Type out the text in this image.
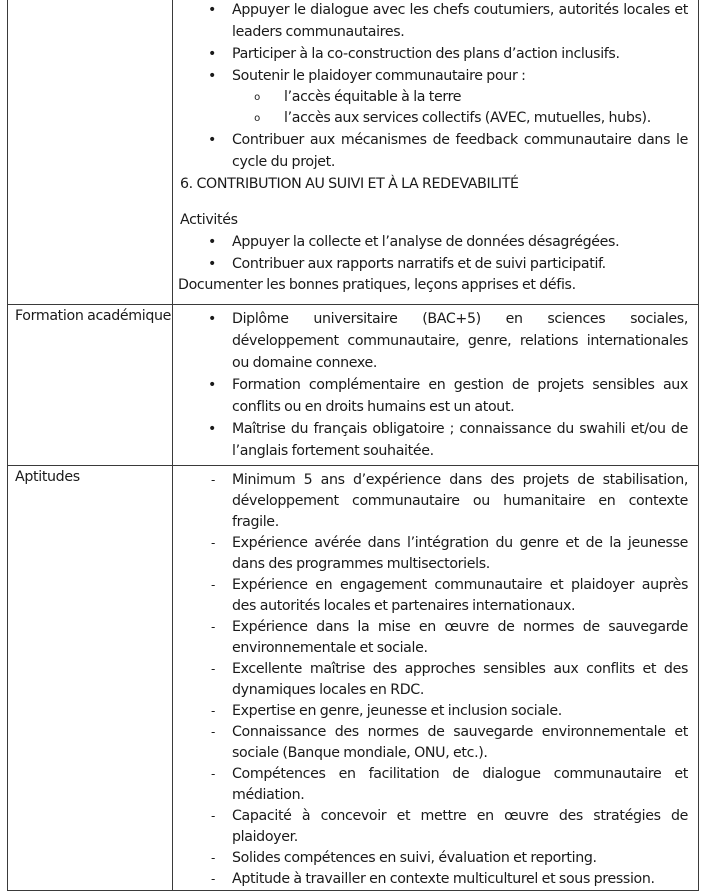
• Appuyer le dialogue avec les chefs coutumiers, autorités locales et leaders communautaires.
• Participer à la co-construction des plans d’action inclusifs.
• Soutenir le plaidoyer communautaire pour :
o l’accès équitable à la terre
o l’accès aux services collectifs (AVEC, mutuelles, hubs).
• Contribuer aux mécanismes de feedback communautaire dans le cycle du projet.
6. CONTRIBUTION AU SUIVI ET À LA REDEVABILITÉ
Activités
• Appuyer la collecte et l’analyse de données désagrégées.
• Contribuer aux rapports narratifs et de suivi participatif.
Documenter les bonnes pratiques, leçons apprises et défis.

Formation académique	• Diplôme universitaire (BAC+5) en sciences sociales, développement communautaire, genre, relations internationales ou domaine connexe.
• Formation complémentaire en gestion de projets sensibles aux conflits ou en droits humains est un atout.
• Maîtrise du français obligatoire ; connaissance du swahili et/ou de l’anglais fortement souhaitée.

Aptitudes	- Minimum 5 ans d’expérience dans des projets de stabilisation, développement communautaire ou humanitaire en contexte fragile.
- Expérience avérée dans l’intégration du genre et de la jeunesse dans des programmes multisectoriels.
- Expérience en engagement communautaire et plaidoyer auprès des autorités locales et partenaires internationaux.
- Expérience dans la mise en œuvre de normes de sauvegarde environnementale et sociale.
- Excellente maîtrise des approches sensibles aux conflits et des dynamiques locales en RDC.
- Expertise en genre, jeunesse et inclusion sociale.
- Connaissance des normes de sauvegarde environnementale et sociale (Banque mondiale, ONU, etc.).
- Compétences en facilitation de dialogue communautaire et médiation.
- Capacité à concevoir et mettre en œuvre des stratégies de plaidoyer.
- Solides compétences en suivi, évaluation et reporting.
- Aptitude à travailler en contexte multiculturel et sous pression.
